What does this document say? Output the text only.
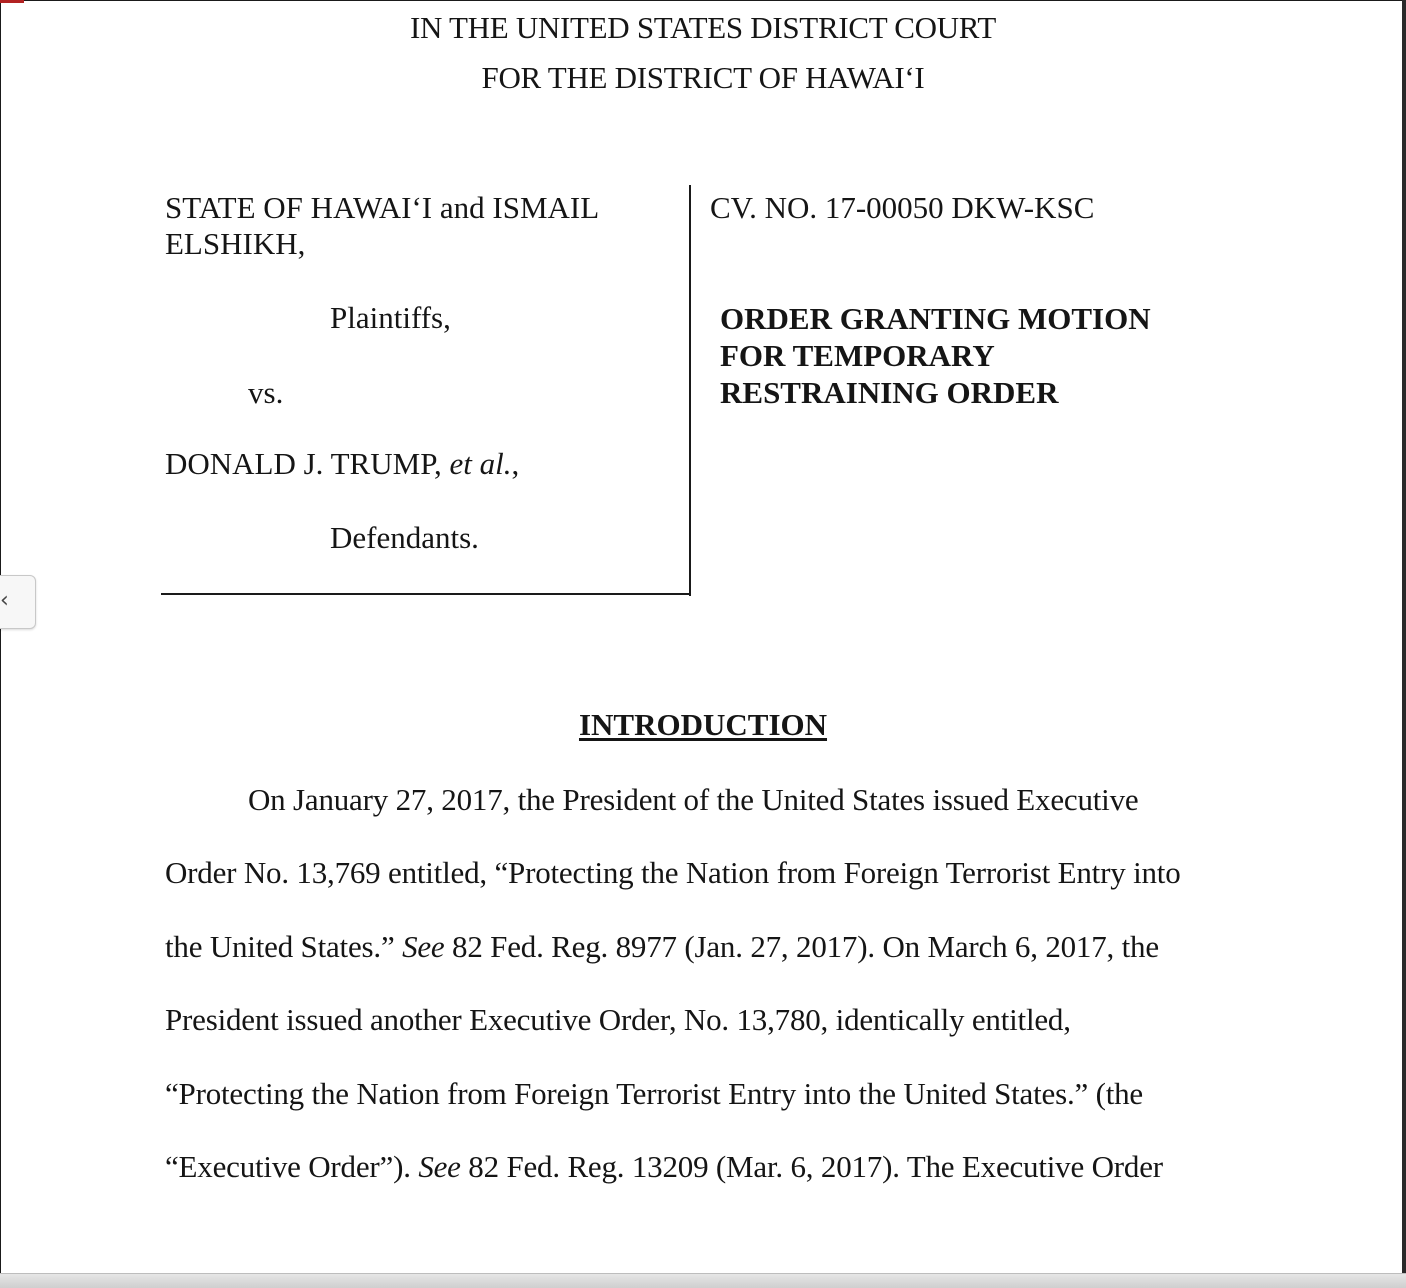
‹
IN THE UNITED STATES DISTRICT COURT
FOR THE DISTRICT OF HAWAI‘I
STATE OF HAWAI‘I and ISMAIL ELSHIKH,
Plaintiffs,
vs.
DONALD J. TRUMP, et al.,
Defendants.
CV. NO. 17-00050 DKW-KSC
ORDER GRANTING MOTION FOR TEMPORARY RESTRAINING ORDER
INTRODUCTION
On January 27, 2017, the President of the United States issued Executive
Order No. 13,769 entitled, “Protecting the Nation from Foreign Terrorist Entry into
the United States.” See 82 Fed. Reg. 8977 (Jan. 27, 2017). On March 6, 2017, the
President issued another Executive Order, No. 13,780, identically entitled,
“Protecting the Nation from Foreign Terrorist Entry into the United States.” (the
“Executive Order”). See 82 Fed. Reg. 13209 (Mar. 6, 2017). The Executive Order
